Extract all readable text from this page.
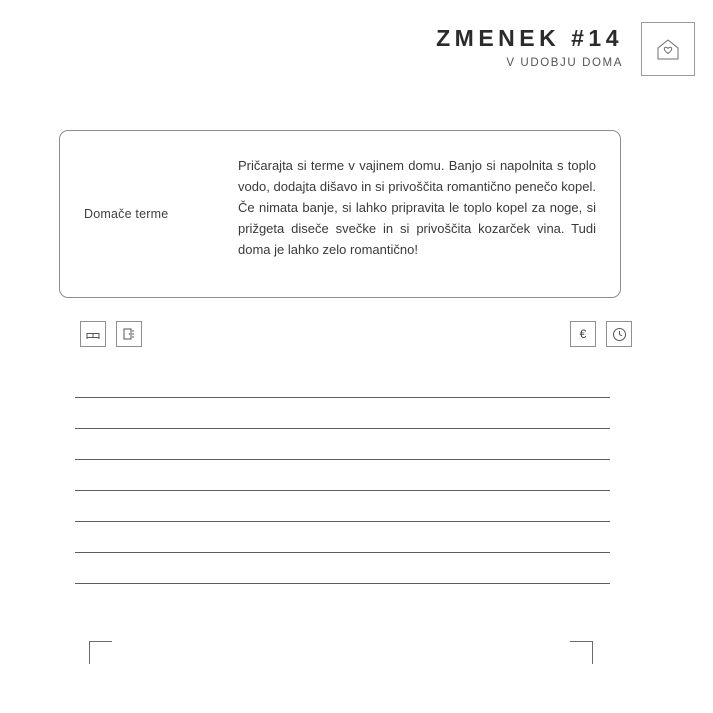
ZMENEK #14
V UDOBJU DOMA
Domače terme

Pričarajta si terme v vajinem domu. Banjo si napolnita s toplo vodo, dodajta dišavo in si privoščita romantično penečo kopel. Če nimata banje, si lahko pripravita le toplo kopel za noge, si prižgeta diseče svečke in si privoščita kozarček vina. Tudi doma je lahko zelo romantično!

€
